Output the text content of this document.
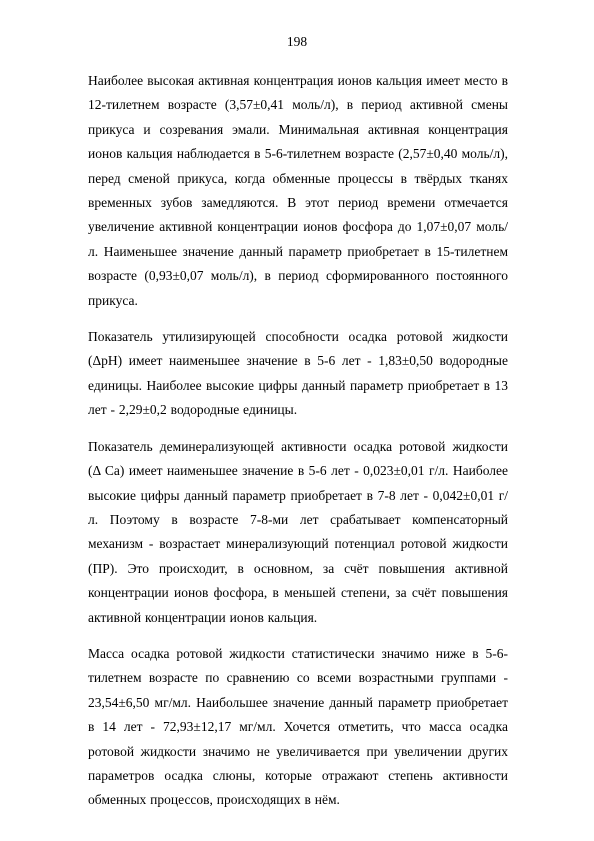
198

Наиболее высокая активная концентрация ионов кальция имеет место в 12-тилетнем возрасте (3,57±0,41 моль/л), в период активной смены прикуса и созревания эмали. Минимальная активная концентрация ионов кальция наблюдается в 5-6-тилетнем возрасте (2,57±0,40 моль/л), перед сменой прикуса, когда обменные процессы в твёрдых тканях временных зубов замедляются. В этот период времени отмечается увеличение активной концентрации ионов фосфора до 1,07±0,07 моль/л. Наименьшее значение данный параметр приобретает в 15-тилетнем возрасте (0,93±0,07 моль/л), в период сформированного постоянного прикуса.

Показатель утилизирующей способности осадка ротовой жидкости (ΔpH) имеет наименьшее значение в 5-6 лет - 1,83±0,50 водородные единицы. Наиболее высокие цифры данный параметр приобретает в 13 лет - 2,29±0,2 водородные единицы.

Показатель деминерализующей активности осадка ротовой жидкости (Δ Ca) имеет наименьшее значение в 5-6 лет - 0,023±0,01 г/л. Наиболее высокие цифры данный параметр приобретает в 7-8 лет - 0,042±0,01 г/л. Поэтому в возрасте 7-8-ми лет срабатывает компенсаторный механизм - возрастает минерализующий потенциал ротовой жидкости (ПР). Это происходит, в основном, за счёт повышения активной концентрации ионов фосфора, в меньшей степени, за счёт повышения активной концентрации ионов кальция.

Масса осадка ротовой жидкости статистически значимо ниже в 5-6-тилетнем возрасте по сравнению со всеми возрастными группами - 23,54±6,50 мг/мл. Наибольшее значение данный параметр приобретает в 14 лет - 72,93±12,17 мг/мл. Хочется отметить, что масса осадка ротовой жидкости значимо не увеличивается при увеличении других параметров осадка слюны, которые отражают степень активности обменных процессов, происходящих в нём.
